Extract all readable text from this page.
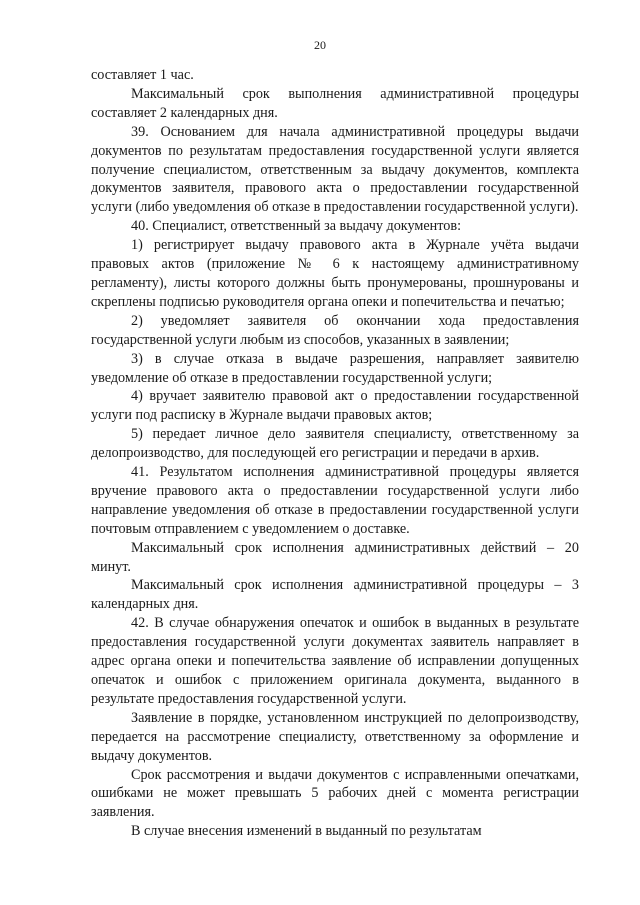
20

составляет 1 час.

Максимальный срок выполнения административной процедуры составляет 2 календарных дня.

39. Основанием для начала административной процедуры выдачи документов по результатам предоставления государственной услуги является получение специалистом, ответственным за выдачу документов, комплекта документов заявителя, правового акта о предоставлении государственной услуги (либо уведомления об отказе в предоставлении государственной услуги).

40. Специалист, ответственный за выдачу документов:

1) регистрирует выдачу правового акта в Журнале учёта выдачи правовых актов (приложение № 6 к настоящему административному регламенту), листы которого должны быть пронумерованы, прошнурованы и скреплены подписью руководителя органа опеки и попечительства и печатью;

2) уведомляет заявителя об окончании хода предоставления государственной услуги любым из способов, указанных в заявлении;

3) в случае отказа в выдаче разрешения, направляет заявителю уведомление об отказе в предоставлении государственной услуги;

4) вручает заявителю правовой акт о предоставлении государственной услуги под расписку в Журнале выдачи правовых актов;

5) передает личное дело заявителя специалисту, ответственному за делопроизводство, для последующей его регистрации и передачи в архив.

41. Результатом исполнения административной процедуры является вручение правового акта о предоставлении государственной услуги либо направление уведомления об отказе в предоставлении государственной услуги почтовым отправлением с уведомлением о доставке.

Максимальный срок исполнения административных действий – 20 минут.

Максимальный срок исполнения административной процедуры – 3 календарных дня.

42. В случае обнаружения опечаток и ошибок в выданных в результате предоставления государственной услуги документах заявитель направляет в адрес органа опеки и попечительства заявление об исправлении допущенных опечаток и ошибок с приложением оригинала документа, выданного в результате предоставления государственной услуги.

Заявление в порядке, установленном инструкцией по делопроизводству, передается на рассмотрение специалисту, ответственному за оформление и выдачу документов.

Срок рассмотрения и выдачи документов с исправленными опечатками, ошибками не может превышать 5 рабочих дней с момента регистрации заявления.

В случае внесения изменений в выданный по результатам
